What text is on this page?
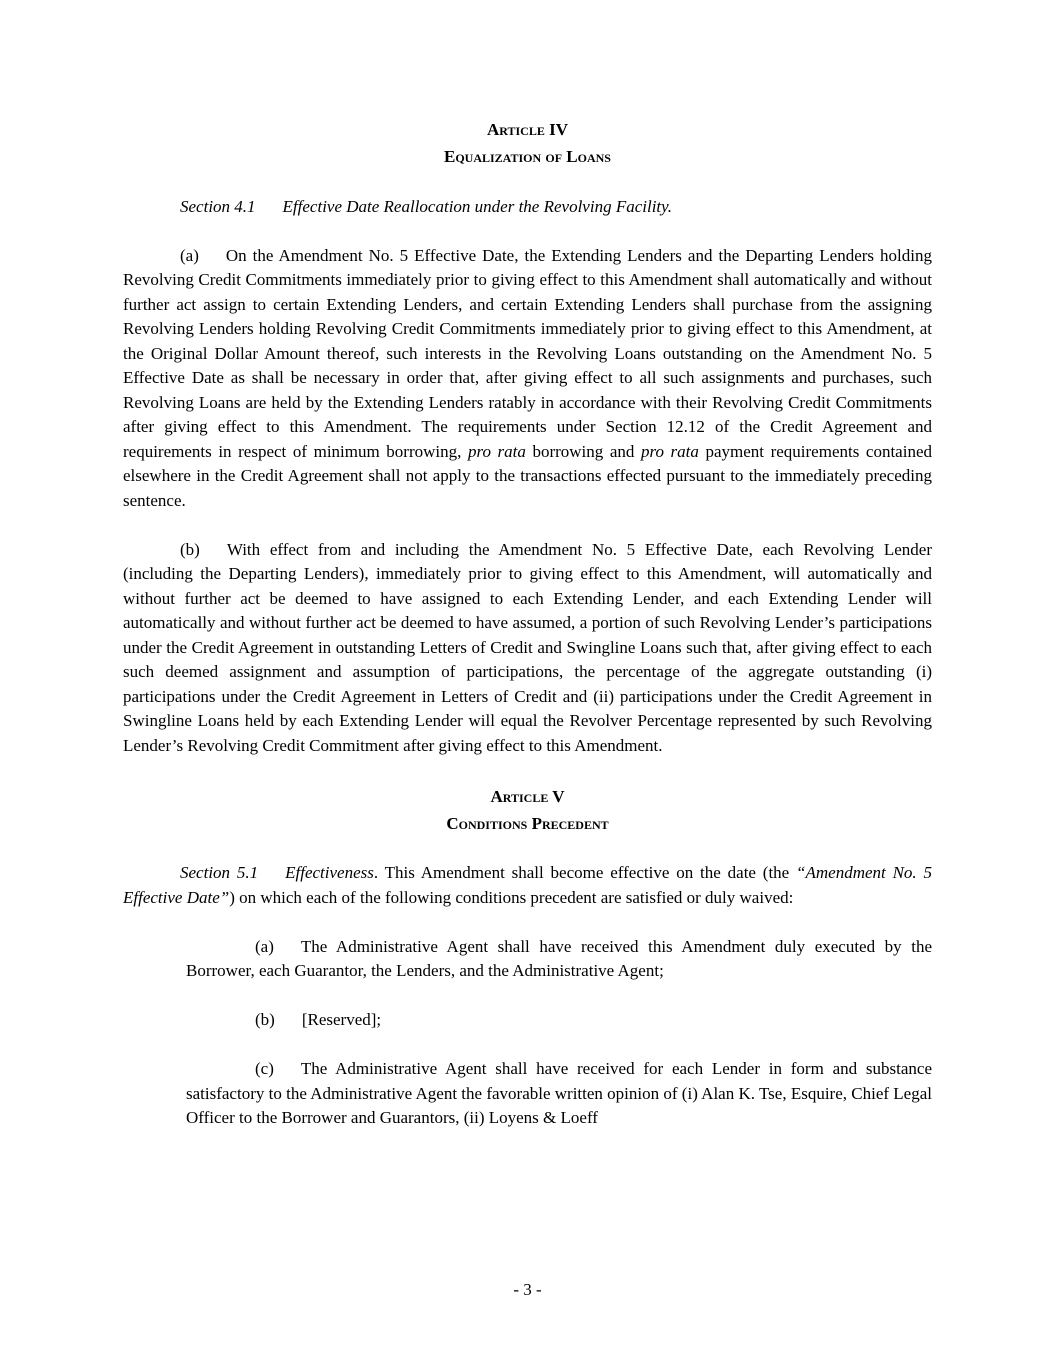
Article IV
Equalization of Loans

Section 4.1 Effective Date Reallocation under the Revolving Facility.

(a) On the Amendment No. 5 Effective Date, the Extending Lenders and the Departing Lenders holding Revolving Credit Commitments immediately prior to giving effect to this Amendment shall automatically and without further act assign to certain Extending Lenders, and certain Extending Lenders shall purchase from the assigning Revolving Lenders holding Revolving Credit Commitments immediately prior to giving effect to this Amendment, at the Original Dollar Amount thereof, such interests in the Revolving Loans outstanding on the Amendment No. 5 Effective Date as shall be necessary in order that, after giving effect to all such assignments and purchases, such Revolving Loans are held by the Extending Lenders ratably in accordance with their Revolving Credit Commitments after giving effect to this Amendment. The requirements under Section 12.12 of the Credit Agreement and requirements in respect of minimum borrowing, pro rata borrowing and pro rata payment requirements contained elsewhere in the Credit Agreement shall not apply to the transactions effected pursuant to the immediately preceding sentence.

(b) With effect from and including the Amendment No. 5 Effective Date, each Revolving Lender (including the Departing Lenders), immediately prior to giving effect to this Amendment, will automatically and without further act be deemed to have assigned to each Extending Lender, and each Extending Lender will automatically and without further act be deemed to have assumed, a portion of such Revolving Lender’s participations under the Credit Agreement in outstanding Letters of Credit and Swingline Loans such that, after giving effect to each such deemed assignment and assumption of participations, the percentage of the aggregate outstanding (i) participations under the Credit Agreement in Letters of Credit and (ii) participations under the Credit Agreement in Swingline Loans held by each Extending Lender will equal the Revolver Percentage represented by such Revolving Lender’s Revolving Credit Commitment after giving effect to this Amendment.

Article V
Conditions Precedent

Section 5.1 Effectiveness. This Amendment shall become effective on the date (the “Amendment No. 5 Effective Date”) on which each of the following conditions precedent are satisfied or duly waived:

(a) The Administrative Agent shall have received this Amendment duly executed by the Borrower, each Guarantor, the Lenders, and the Administrative Agent;

(b) [Reserved];

(c) The Administrative Agent shall have received for each Lender in form and substance satisfactory to the Administrative Agent the favorable written opinion of (i) Alan K. Tse, Esquire, Chief Legal Officer to the Borrower and Guarantors, (ii) Loyens & Loeff

- 3 -
